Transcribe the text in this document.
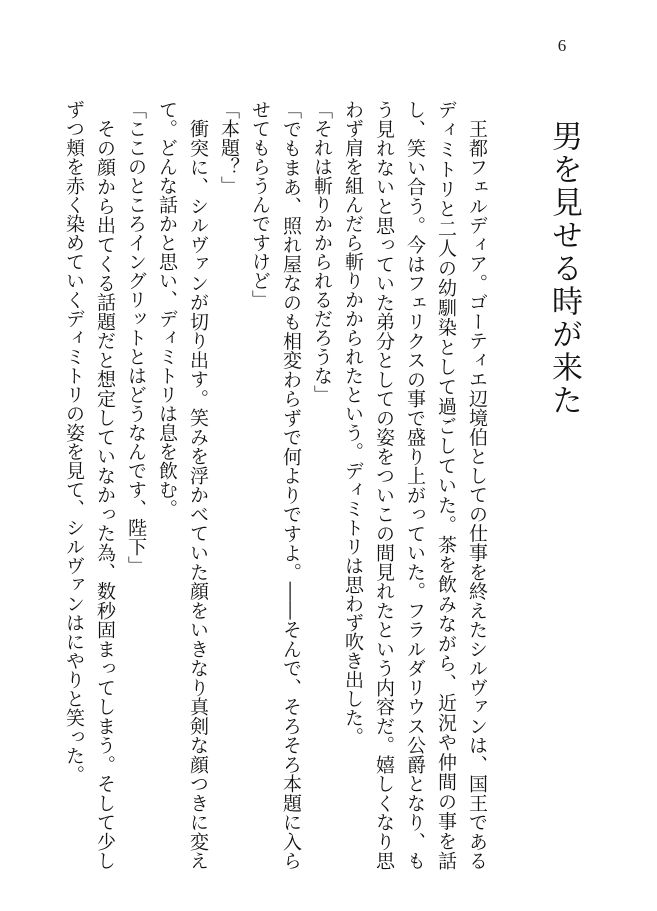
6
男を見せる時が来た

王都フェルディア。ゴーティエ辺境伯としての仕事を終えたシルヴァンは、国王であるディミトリと二人の幼馴染として過ごしていた。茶を飲みながら、近況や仲間の事を話し、笑い合う。今はフェリクスの事で盛り上がっていた。フラルダリウス公爵となり、もう見れないと思っていた弟分としての姿をついこの間見れたという内容だ。嬉しくなり思わず肩を組んだら斬りかかられたという。ディミトリは思わず吹き出した。

「それは斬りかかられるだろうな」

「でもまあ、照れ屋なのも相変わらずで何よりですよ。――そんで、そろそろ本題に入らせてもらうんですけど」

「本題？」

衝突に、シルヴァンが切り出す。笑みを浮かべていた顔をいきなり真剣な顔つきに変えて。どんな話かと思い、ディミトリは息を飲む。

「ここのところイングリットとはどうなんです、陛下」

その顔から出てくる話題だと想定していなかった為、数秒固まってしまう。そして少しずつ頬を赤く染めていくディミトリの姿を見て、シルヴァンはにやりと笑った。
